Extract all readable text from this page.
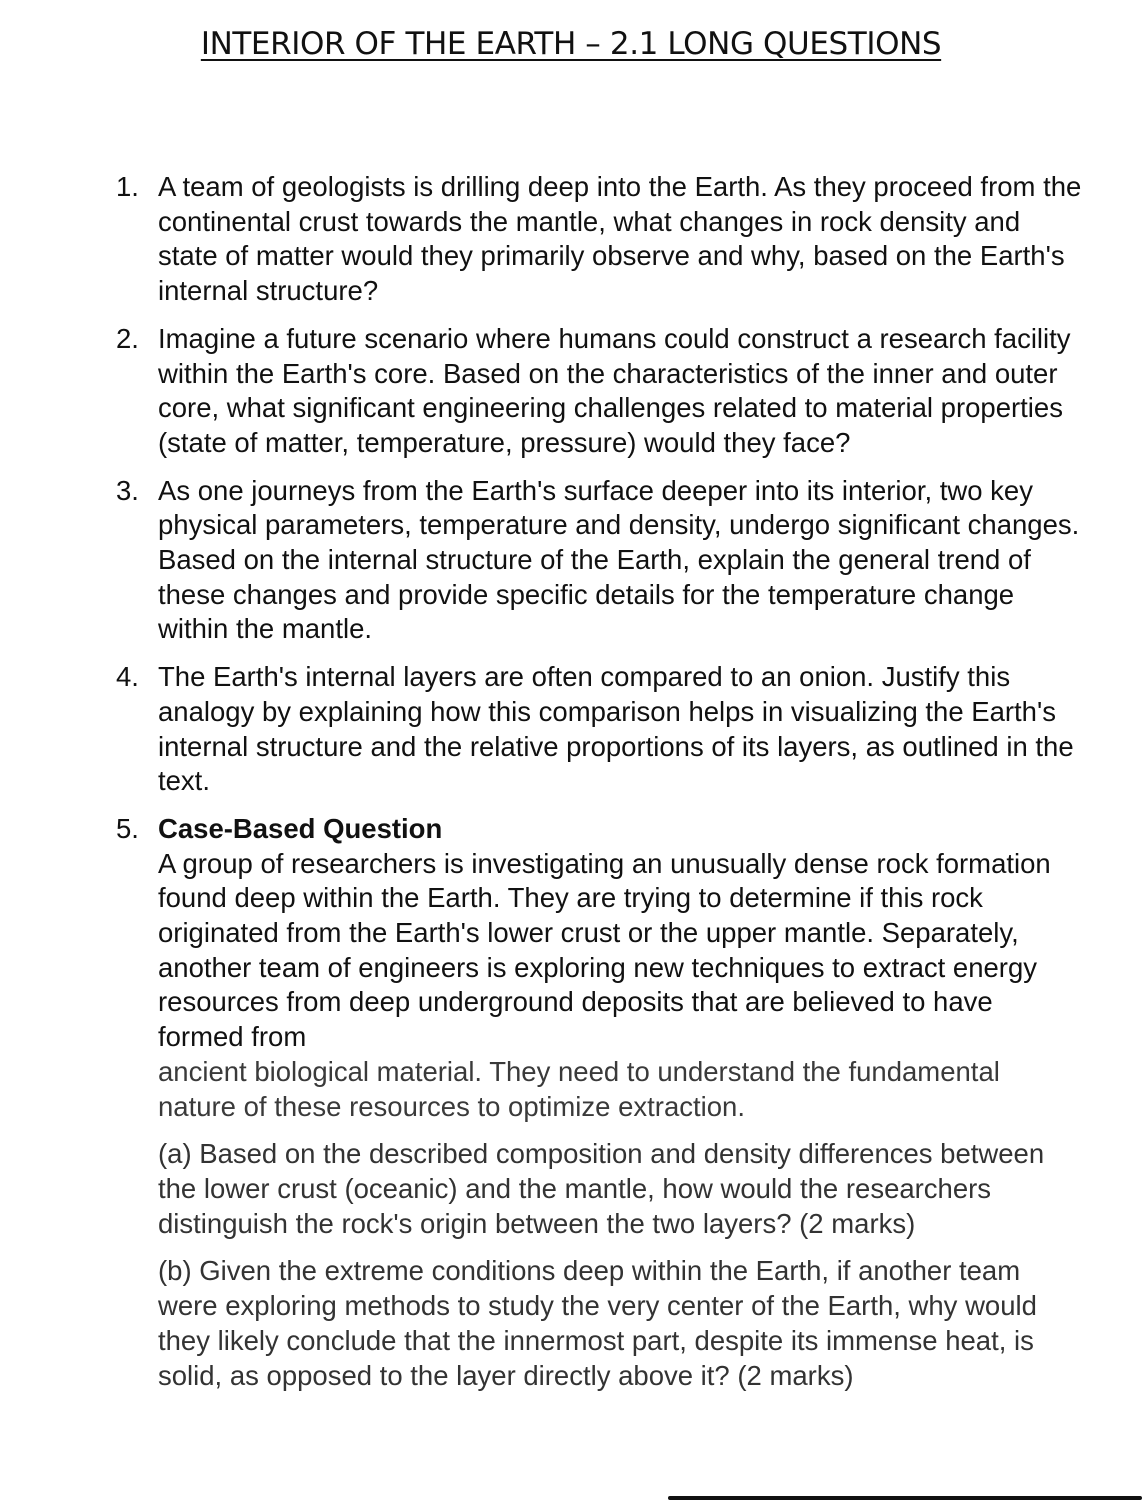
INTERIOR OF THE EARTH – 2.1 LONG QUESTIONS
1. A team of geologists is drilling deep into the Earth. As they proceed from the continental crust towards the mantle, what changes in rock density and state of matter would they primarily observe and why, based on the Earth's internal structure?
2. Imagine a future scenario where humans could construct a research facility within the Earth's core. Based on the characteristics of the inner and outer core, what significant engineering challenges related to material properties (state of matter, temperature, pressure) would they face?
3. As one journeys from the Earth's surface deeper into its interior, two key physical parameters, temperature and density, undergo significant changes. Based on the internal structure of the Earth, explain the general trend of these changes and provide specific details for the temperature change within the mantle.
4. The Earth's internal layers are often compared to an onion. Justify this analogy by explaining how this comparison helps in visualizing the Earth's internal structure and the relative proportions of its layers, as outlined in the text.
5. Case-Based Question
A group of researchers is investigating an unusually dense rock formation found deep within the Earth. They are trying to determine if this rock originated from the Earth's lower crust or the upper mantle. Separately, another team of engineers is exploring new techniques to extract energy resources from deep underground deposits that are believed to have formed from
ancient biological material. They need to understand the fundamental nature of these resources to optimize extraction.
(a) Based on the described composition and density differences between the lower crust (oceanic) and the mantle, how would the researchers distinguish the rock's origin between the two layers? (2 marks)
(b) Given the extreme conditions deep within the Earth, if another team were exploring methods to study the very center of the Earth, why would they likely conclude that the innermost part, despite its immense heat, is solid, as opposed to the layer directly above it? (2 marks)
